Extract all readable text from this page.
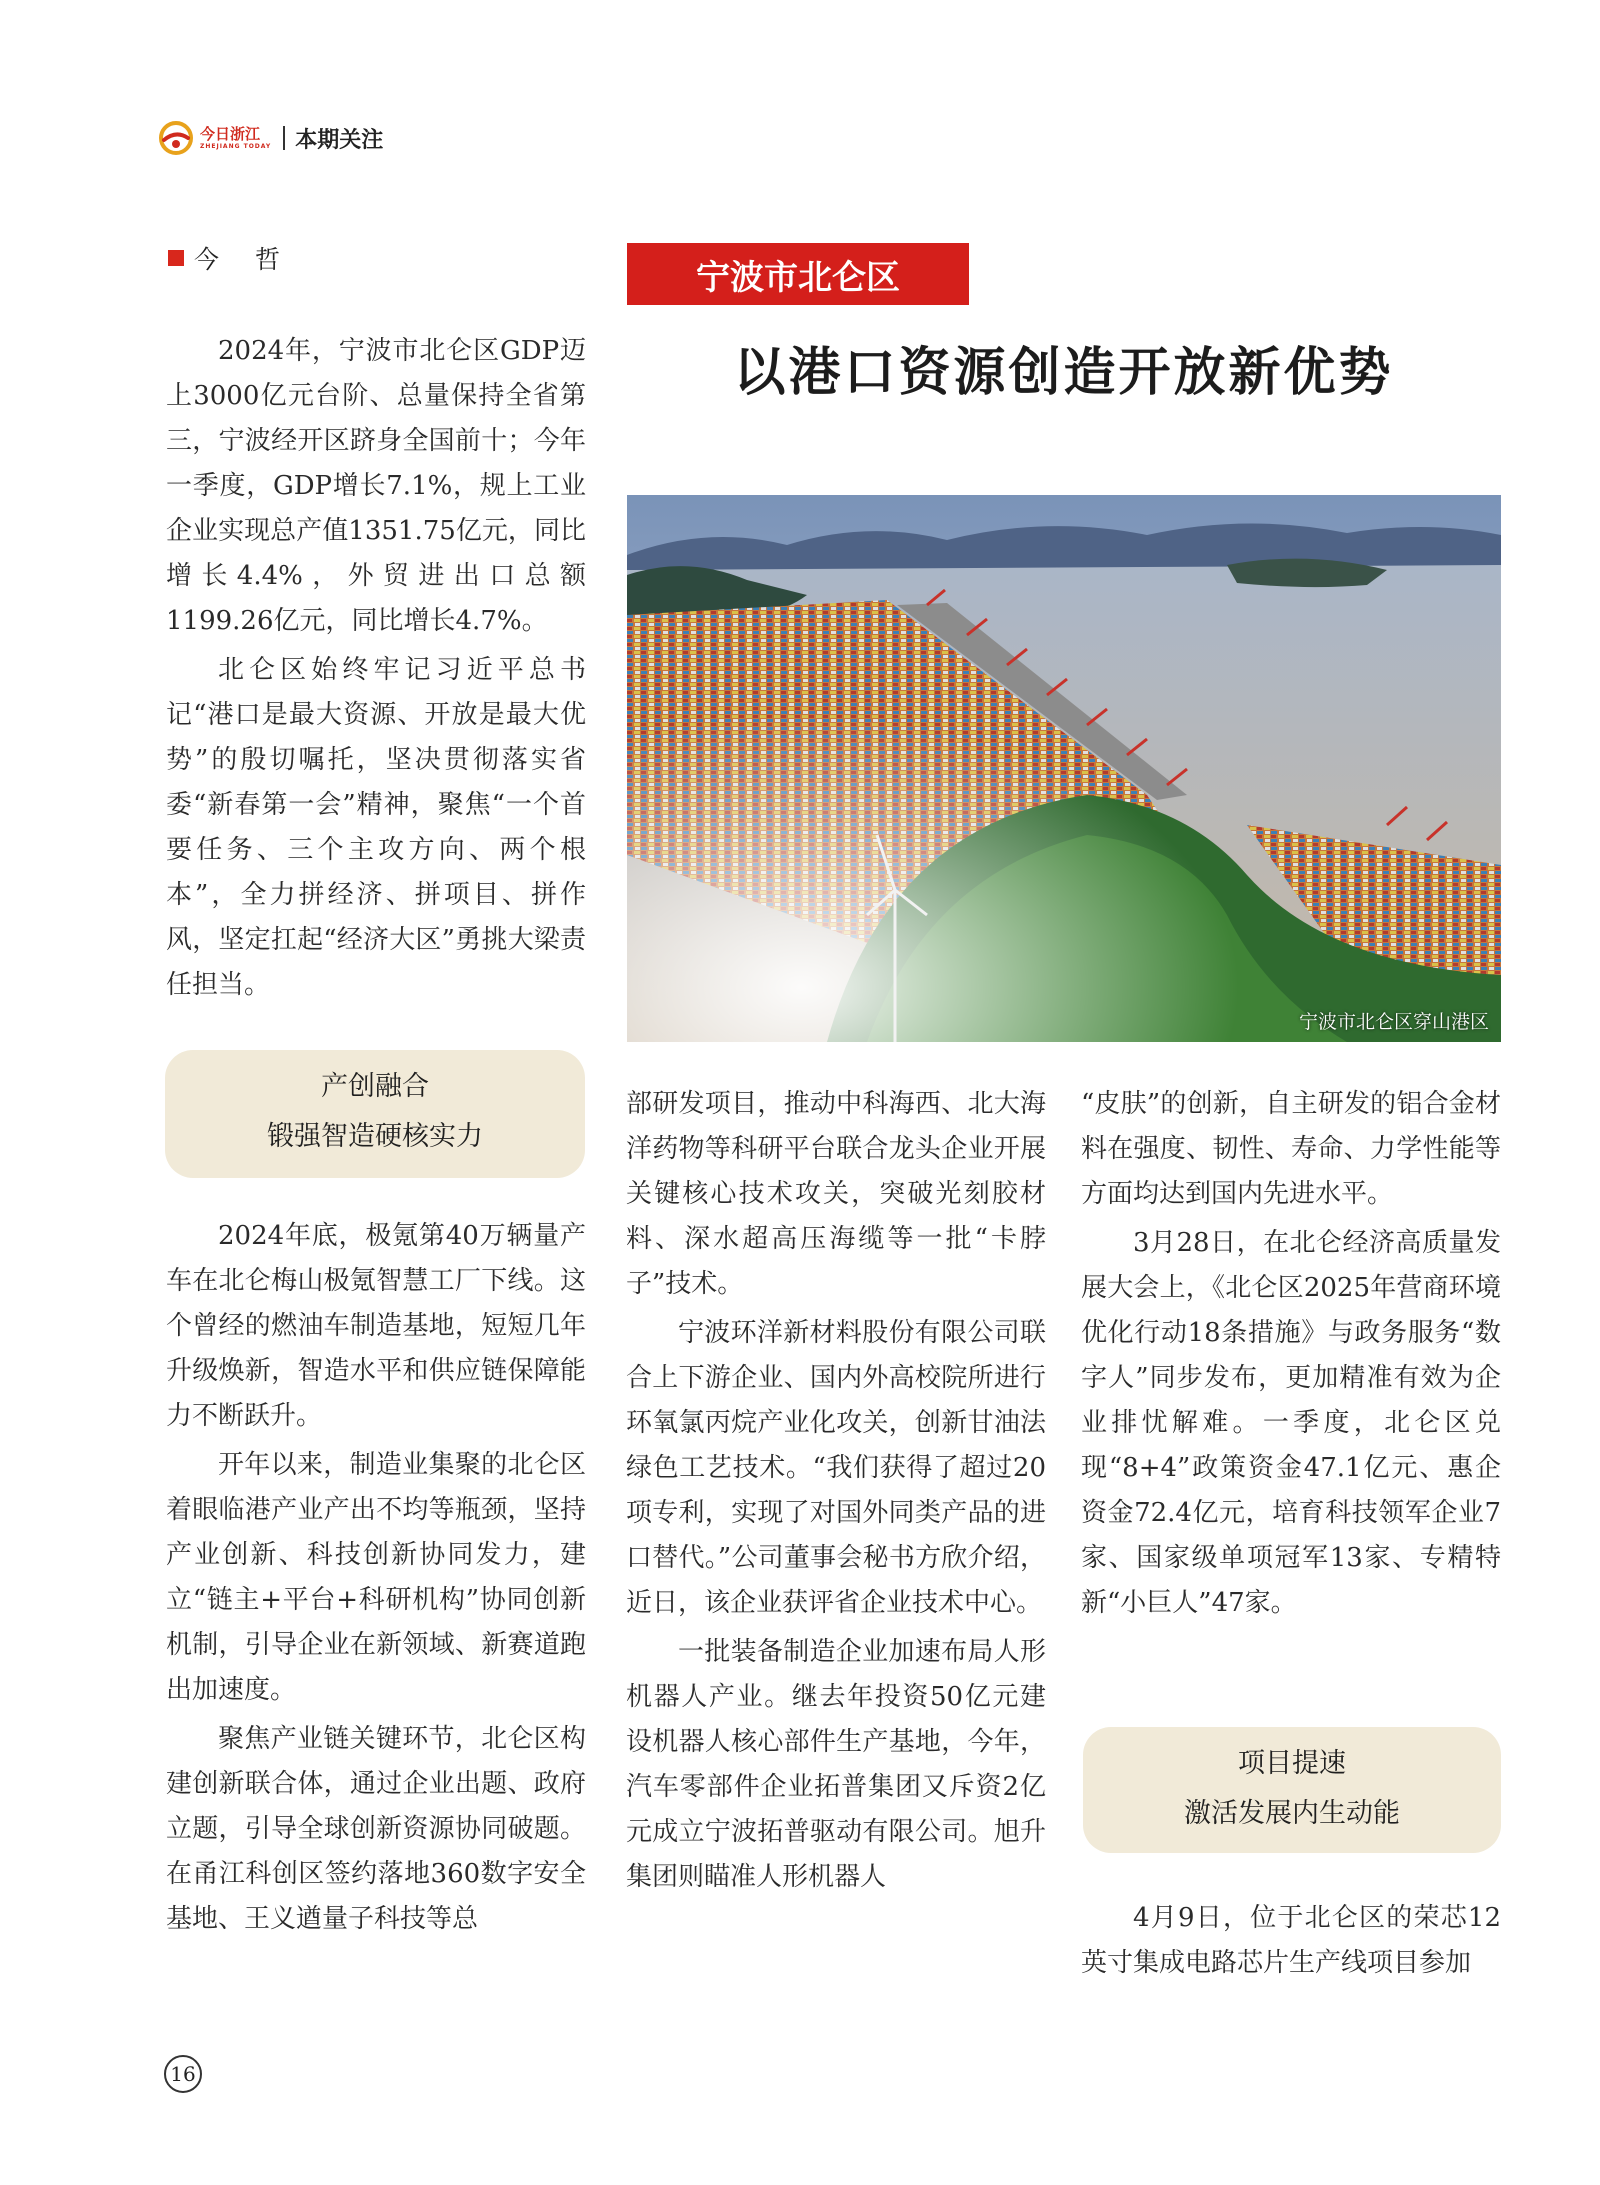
今日浙江
ZHEJIANG TODAY 本期关注
今 哲	宁波市北仑区
以港口资源创造开放新优势
宁波市北仑区穿山港区

2024年，宁波市北仑区GDP迈上3000亿元台阶、总量保持全省第三，宁波经开区跻身全国前十；今年一季度，GDP增长7.1%，规上工业企业实现总产值1351.75亿元，同比增长4.4%，外贸进出口总额1199.26亿元，同比增长4.7%。

北仑区始终牢记习近平总书记“港口是最大资源、开放是最大优势”的殷切嘱托，坚决贯彻落实省委“新春第一会”精神，聚焦“一个首要任务、三个主攻方向、两个根本”，全力拼经济、拼项目、拼作风，坚定扛起“经济大区”勇挑大梁责任担当。

产创融合
锻强智造硬核实力

2024年底，极氪第40万辆量产车在北仑梅山极氪智慧工厂下线。这个曾经的燃油车制造基地，短短几年升级焕新，智造水平和供应链保障能力不断跃升。

开年以来，制造业集聚的北仑区着眼临港产业产出不均等瓶颈，坚持产业创新、科技创新协同发力，建立“链主+平台+科研机构”协同创新机制，引导企业在新领域、新赛道跑出加速度。

聚焦产业链关键环节，北仑区构建创新联合体，通过企业出题、政府立题，引导全球创新资源协同破题。在甬江科创区签约落地360数字安全基地、王义遒量子科技等总

部研发项目，推动中科海西、北大海洋药物等科研平台联合龙头企业开展关键核心技术攻关，突破光刻胶材料、深水超高压海缆等一批“卡脖子”技术。

宁波环洋新材料股份有限公司联合上下游企业、国内外高校院所进行环氧氯丙烷产业化攻关，创新甘油法绿色工艺技术。“我们获得了超过20项专利，实现了对国外同类产品的进口替代。”公司董事会秘书方欣介绍，近日，该企业获评省企业技术中心。

一批装备制造企业加速布局人形机器人产业。继去年投资50亿元建设机器人核心部件生产基地，今年，汽车零部件企业拓普集团又斥资2亿元成立宁波拓普驱动有限公司。旭升集团则瞄准人形机器人

“皮肤”的创新，自主研发的铝合金材料在强度、韧性、寿命、力学性能等方面均达到国内先进水平。

3月28日，在北仑经济高质量发展大会上，《北仑区2025年营商环境优化行动18条措施》与政务服务“数字人”同步发布，更加精准有效为企业排忧解难。一季度，北仑区兑现“8+4”政策资金47.1亿元、惠企资金72.4亿元，培育科技领军企业7家、国家级单项冠军13家、专精特新“小巨人”47家。

项目提速
激活发展内生动能

4月9日，位于北仑区的荣芯12英寸集成电路芯片生产线项目参加

16
